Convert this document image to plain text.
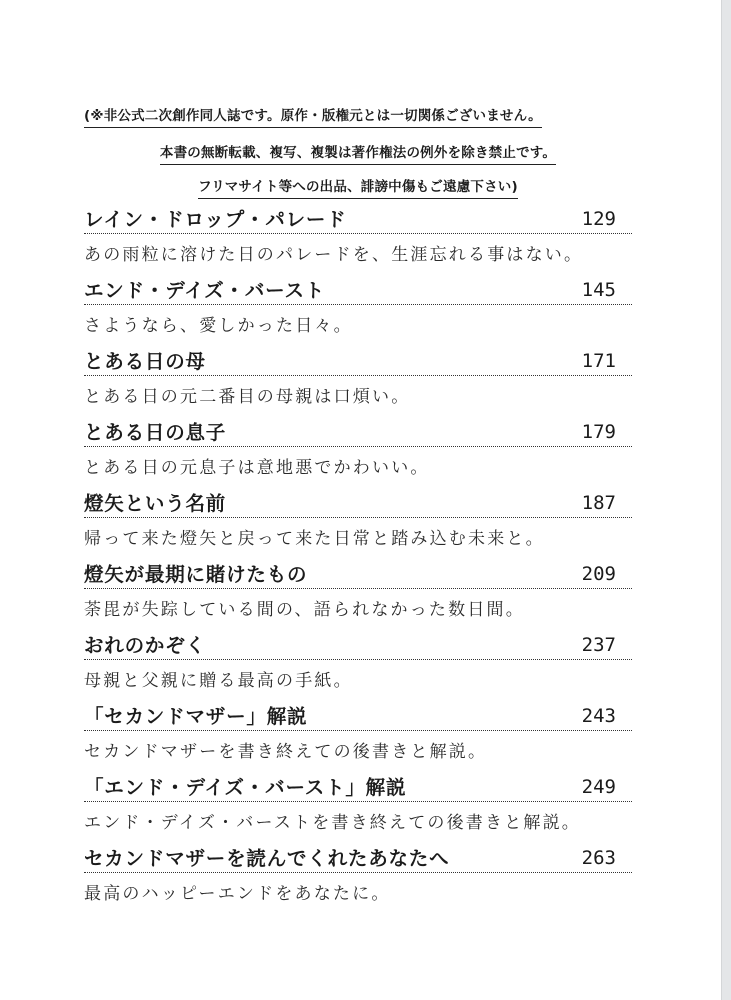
(※非公式二次創作同人誌です。原作・版権元とは一切関係ございません。
本書の無断転載、複写、複製は著作権法の例外を除き禁止です。
フリマサイト等への出品、誹謗中傷もご遠慮下さい)
レイン・ドロップ・パレード	129
あの雨粒に溶けた日のパレードを、生涯忘れる事はない。
エンド・デイズ・バースト	145
さようなら、愛しかった日々。
とある日の母	171
とある日の元二番目の母親は口煩い。
とある日の息子	179
とある日の元息子は意地悪でかわいい。
燈矢という名前	187
帰って来た燈矢と戻って来た日常と踏み込む未来と。
燈矢が最期に賭けたもの	209
荼毘が失踪している間の、語られなかった数日間。
おれのかぞく	237
母親と父親に贈る最高の手紙。
「セカンドマザー」解説	243
セカンドマザーを書き終えての後書きと解説。
「エンド・デイズ・バースト」解説	249
エンド・デイズ・バーストを書き終えての後書きと解説。
セカンドマザーを読んでくれたあなたへ	263
最高のハッピーエンドをあなたに。
